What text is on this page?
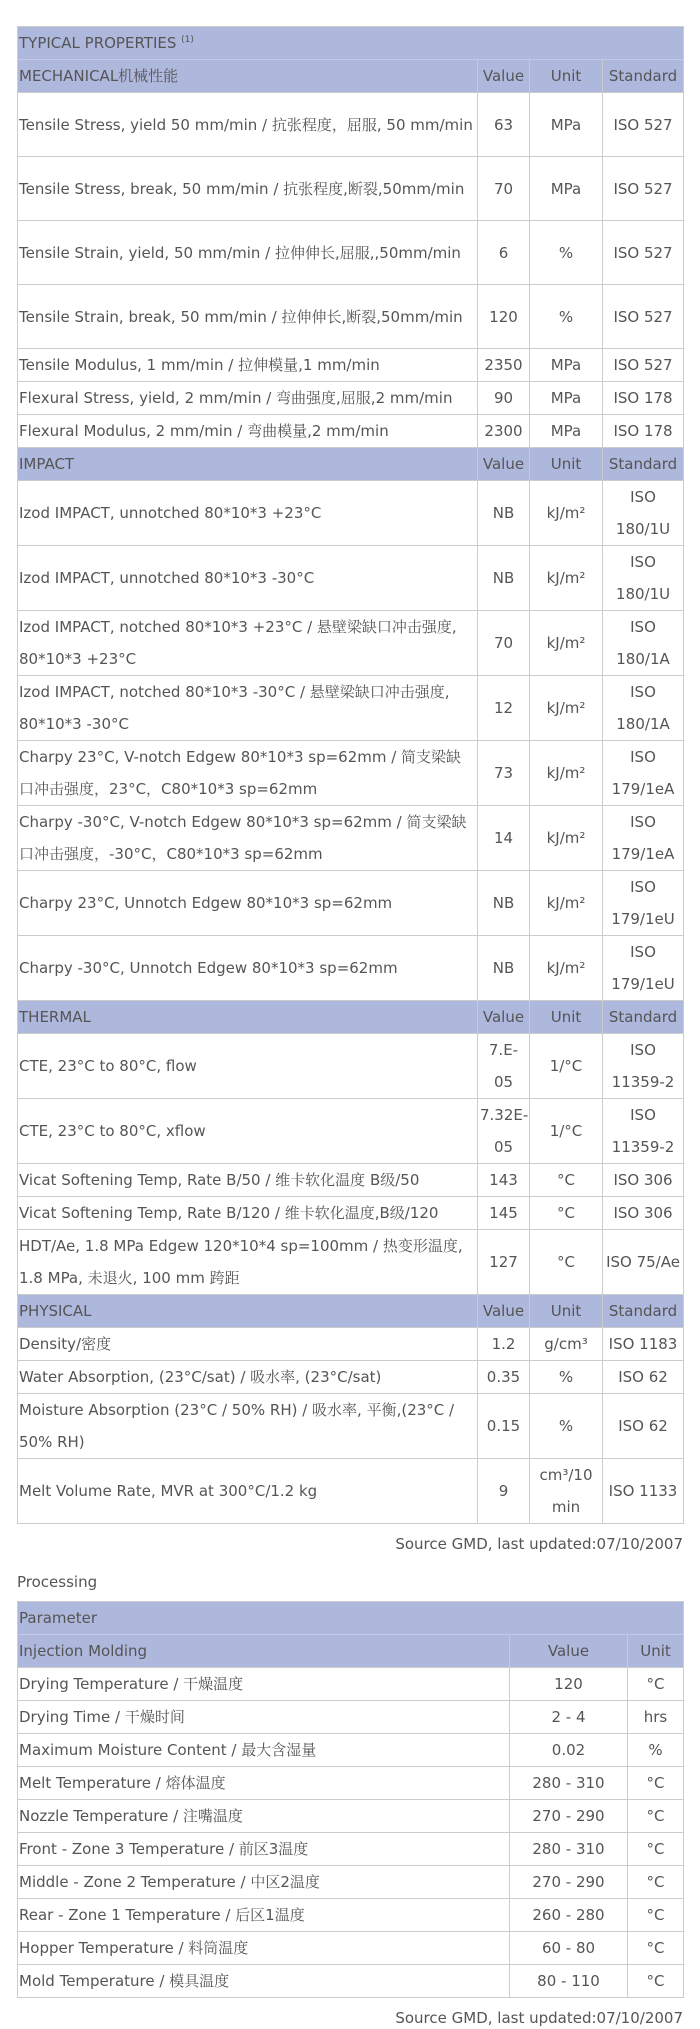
TYPICAL PROPERTIES $^{(1)}$
MECHANICAL机械性能	Value	Unit	Standard
Tensile Stress, yield 50 mm/min / 抗张程度，屈服, 50 mm/min	63	MPa	ISO 527
Tensile Stress, break, 50 mm/min / 抗张程度,断裂,50mm/min	70	MPa	ISO 527
Tensile Strain, yield, 50 mm/min / 拉伸伸长,屈服,,50mm/min	6	%	ISO 527
Tensile Strain, break, 50 mm/min / 拉伸伸长,断裂,50mm/min	120	%	ISO 527
Tensile Modulus, 1 mm/min / 拉伸模量,1 mm/min	2350	MPa	ISO 527
Flexural Stress, yield, 2 mm/min / 弯曲强度,屈服,2 mm/min	90	MPa	ISO 178
Flexural Modulus, 2 mm/min / 弯曲模量,2 mm/min	2300	MPa	ISO 178
IMPACT	Value	Unit	Standard
Izod IMPACT, unnotched 80*10*3 +23°C	NB	kJ/m²	ISO 180/1U
Izod IMPACT, unnotched 80*10*3 -30°C	NB	kJ/m²	ISO 180/1U
Izod IMPACT, notched 80*10*3 +23°C / 悬壁梁缺口冲击强度, 80*10*3 +23°C	70	kJ/m²	ISO 180/1A
Izod IMPACT, notched 80*10*3 -30°C / 悬壁梁缺口冲击强度, 80*10*3 -30°C	12	kJ/m²	ISO 180/1A
Charpy 23°C, V-notch Edgew 80*10*3 sp=62mm / 简支梁缺口冲击强度，23°C，C80*10*3 sp=62mm	73	kJ/m²	ISO 179/1eA
Charpy -30°C, V-notch Edgew 80*10*3 sp=62mm / 简支梁缺口冲击强度，-30°C，C80*10*3 sp=62mm	14	kJ/m²	ISO 179/1eA
Charpy 23°C, Unnotch Edgew 80*10*3 sp=62mm	NB	kJ/m²	ISO 179/1eU
Charpy -30°C, Unnotch Edgew 80*10*3 sp=62mm	NB	kJ/m²	ISO 179/1eU
THERMAL	Value	Unit	Standard
CTE, 23°C to 80°C, flow	7.E-05	1/°C	ISO 11359-2
CTE, 23°C to 80°C, xflow	7.32E-05	1/°C	ISO 11359-2
Vicat Softening Temp, Rate B/50 / 维卡软化温度 B级/50	143	°C	ISO 306
Vicat Softening Temp, Rate B/120 / 维卡软化温度,B级/120	145	°C	ISO 306
HDT/Ae, 1.8 MPa Edgew 120*10*4 sp=100mm / 热变形温度, 1.8 MPa, 未退火, 100 mm 跨距	127	°C	ISO 75/Ae
PHYSICAL	Value	Unit	Standard
Density/密度	1.2	g/cm³	ISO 1183
Water Absorption, (23°C/sat) / 吸水率, (23°C/sat)	0.35	%	ISO 62
Moisture Absorption (23°C / 50% RH) / 吸水率, 平衡,(23°C / 50% RH)	0.15	%	ISO 62
Melt Volume Rate, MVR at 300°C/1.2 kg	9	cm³/10 min	ISO 1133
Source GMD, last updated:07/10/2007
Processing
Parameter		
Injection Molding	Value	Unit
Drying Temperature / 干燥温度	120	°C
Drying Time / 干燥时间	2 - 4	hrs
Maximum Moisture Content / 最大含湿量	0.02	%
Melt Temperature / 熔体温度	280 - 310	°C
Nozzle Temperature / 注嘴温度	270 - 290	°C
Front - Zone 3 Temperature / 前区3温度	280 - 310	°C
Middle - Zone 2 Temperature / 中区2温度	270 - 290	°C
Rear - Zone 1 Temperature / 后区1温度	260 - 280	°C
Hopper Temperature / 料筒温度	60 - 80	°C
Mold Temperature / 模具温度	80 - 110	°C
Source GMD, last updated:07/10/2007
